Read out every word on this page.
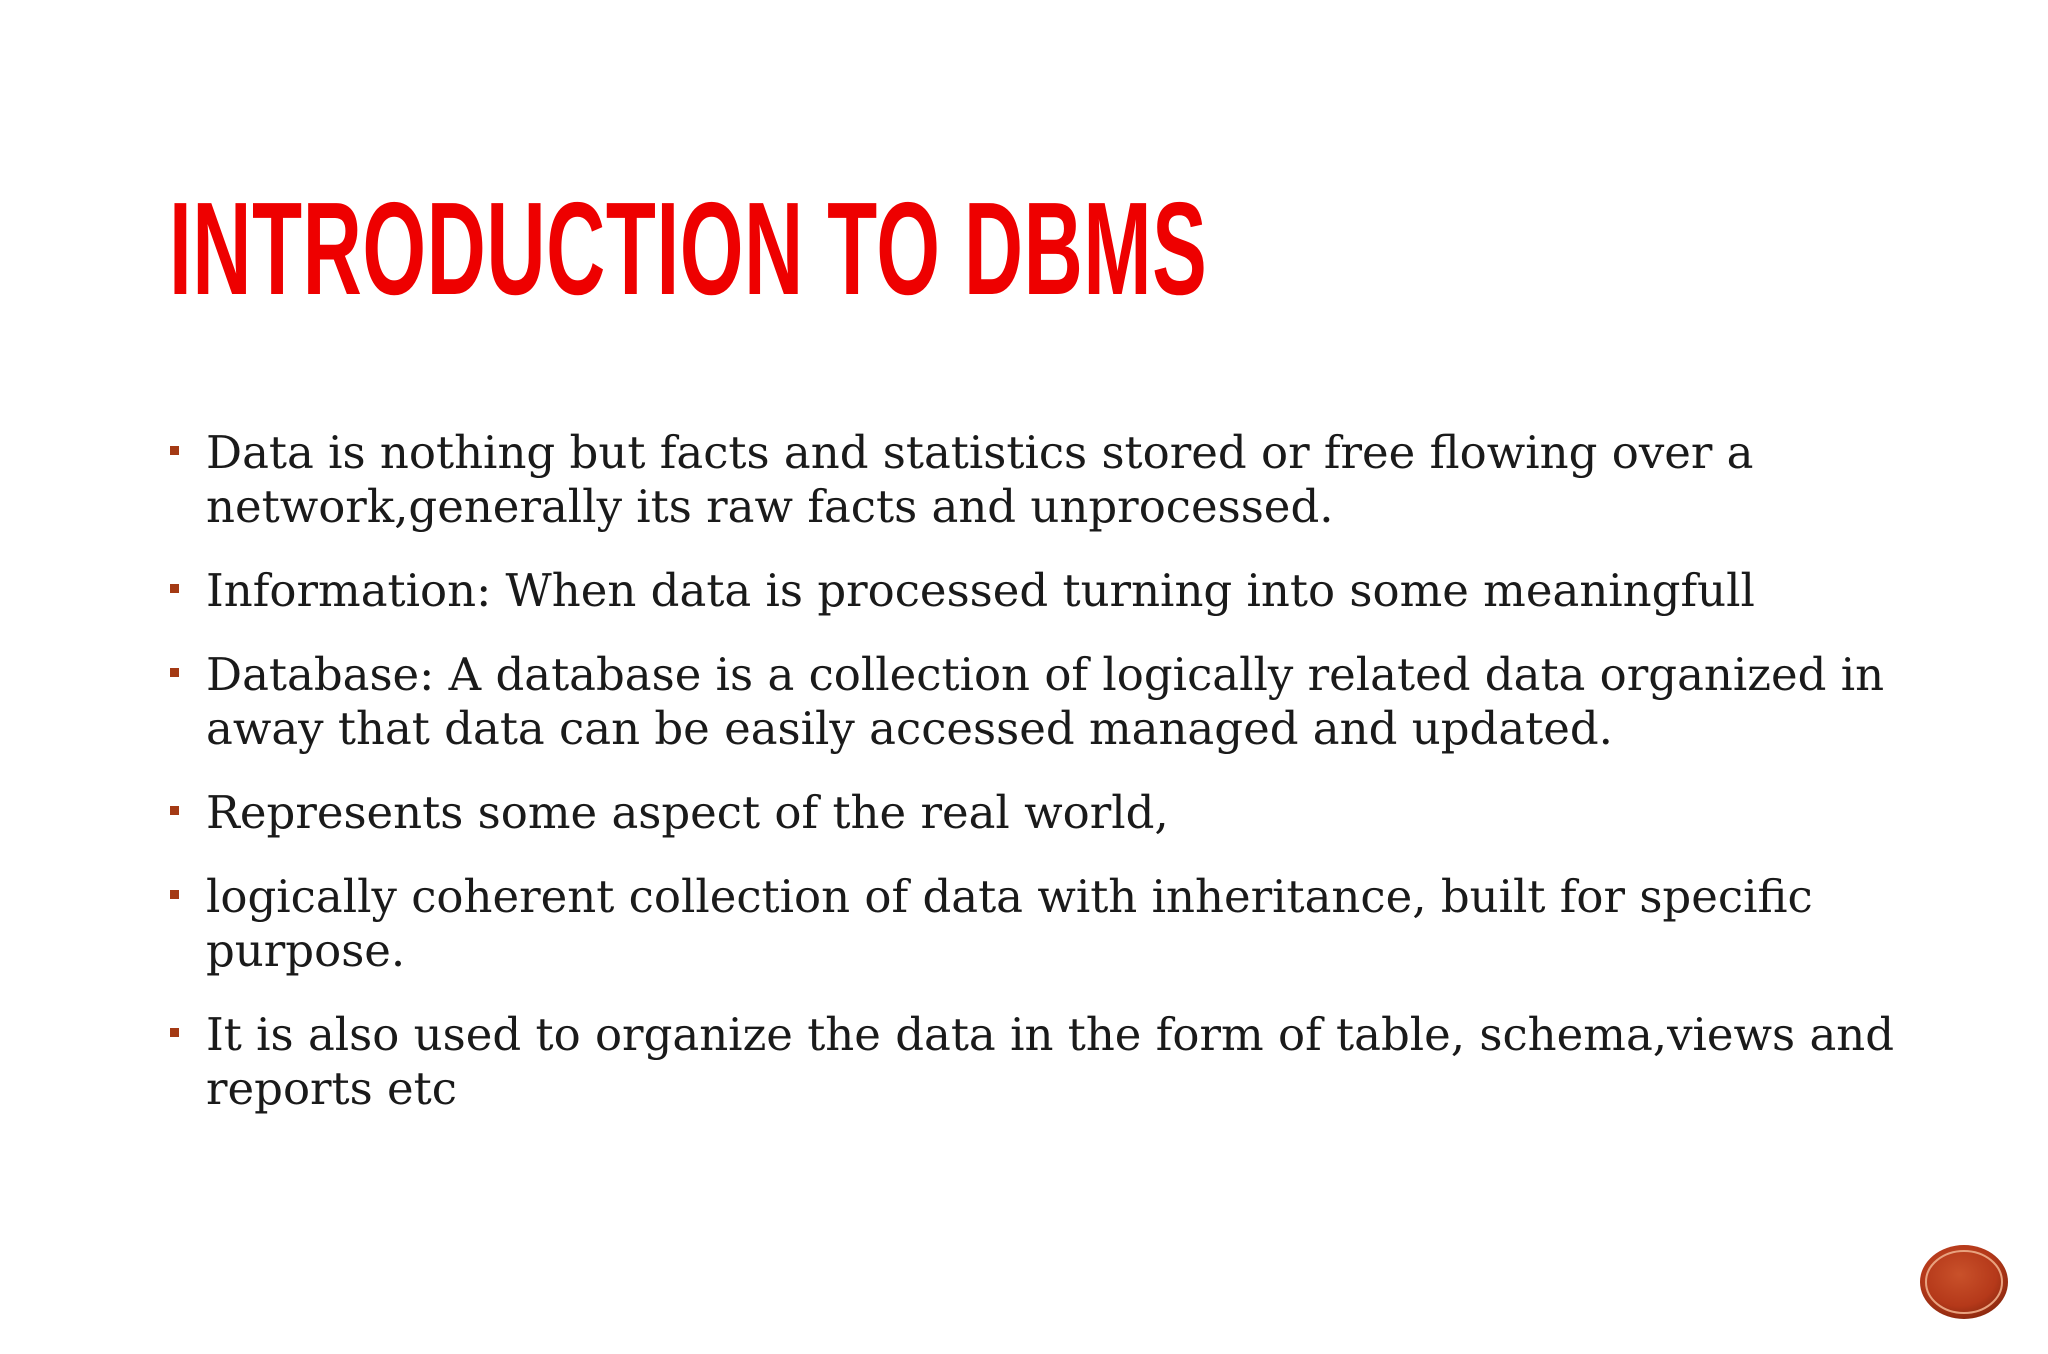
INTRODUCTION TO DBMS
Data is nothing but facts and statistics stored or free flowing over a network,generally its raw facts and unprocessed.
Information: When data is processed turning into some meaningfull
Database: A database is a collection of logically related data organized in away that data can be easily accessed managed and updated.
Represents some aspect of the real world,
logically coherent collection of data with inheritance, built for specific purpose.
It is also used to organize the data in the form of table, schema,views and reports etc
